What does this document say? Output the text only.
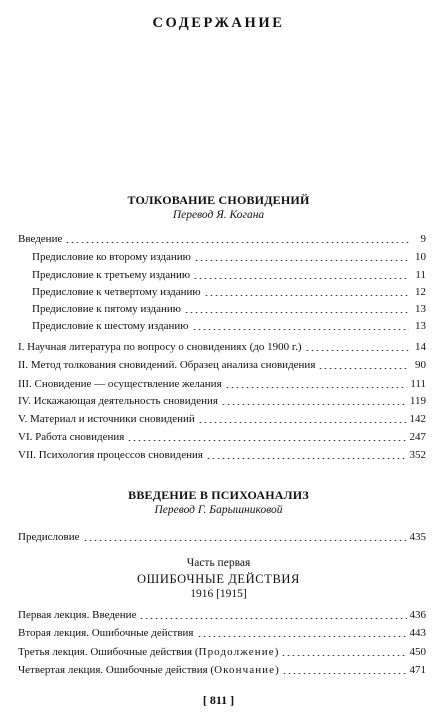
СОДЕРЖАНИЕ
ТОЛКОВАНИЕ СНОВИДЕНИЙ
Перевод Я. Когана
Введение	9
Предисловие ко второму изданию	10
Предисловие к третьему изданию	11
Предисловие к четвертому изданию	12
Предисловие к пятому изданию	13
Предисловие к шестому изданию	13
I. Научная литература по вопросу о сновидениях (до 1900 г.)	14
II. Метод толкования сновидений. Образец анализа сновидения	90
III. Сновидение — осуществление желания	111
IV. Искажающая деятельность сновидения	119
V. Материал и источники сновидений	142
VI. Работа сновидения	247
VII. Психология процессов сновидения	352
ВВЕДЕНИЕ В ПСИХОАНАЛИЗ
Перевод Г. Барышниковой
Предисловие	435
Часть первая
ОШИБОЧНЫЕ ДЕЙСТВИЯ
1916 [1915]
Первая лекция. Введение	436
Вторая лекция. Ошибочные действия	443
Третья лекция. Ошибочные действия (Продолжение)	450
Четвертая лекция. Ошибочные действия (Окончание)	471
[ 811 ]
